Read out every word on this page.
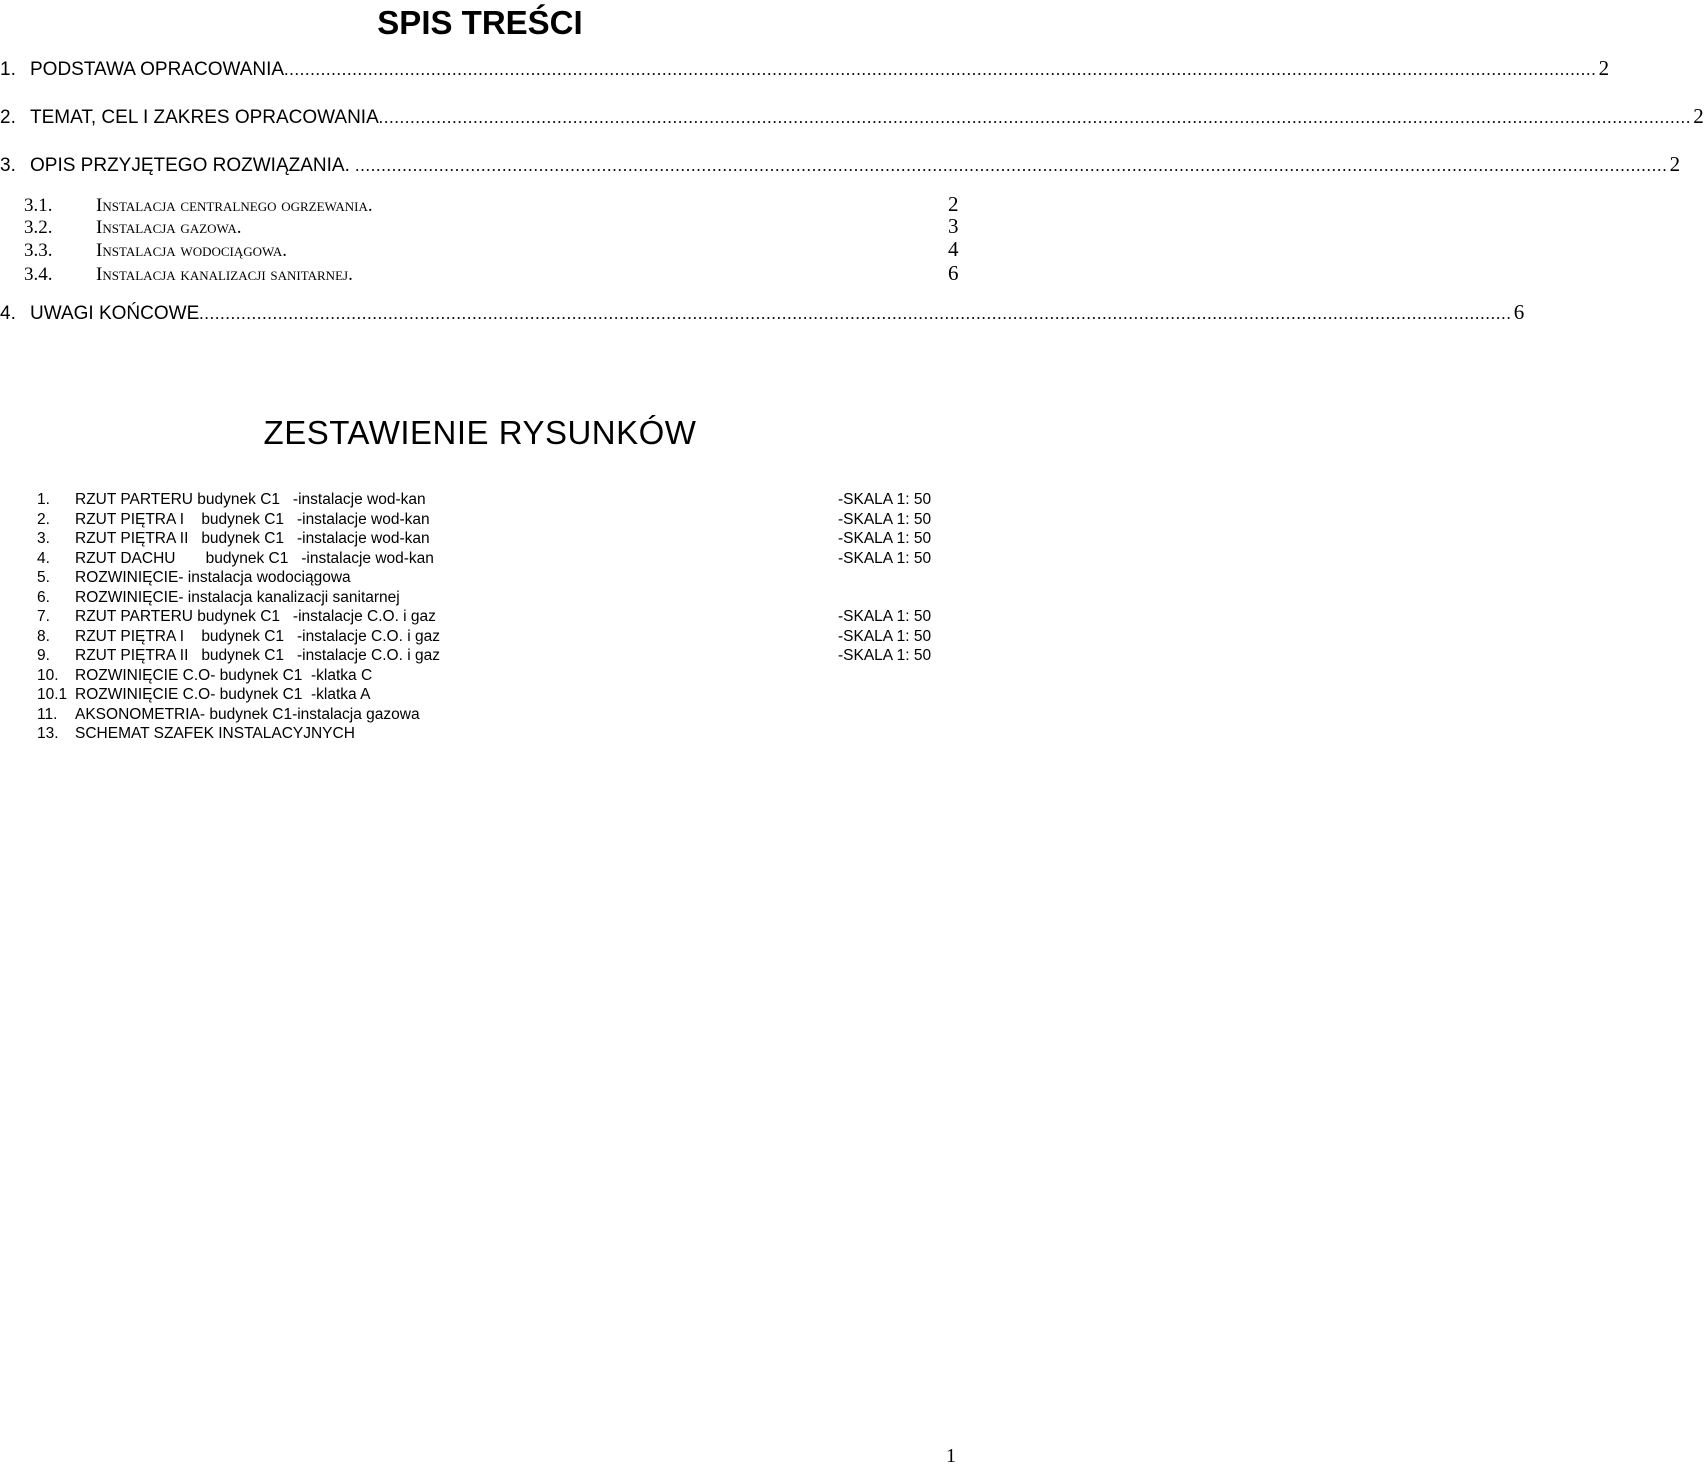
SPIS TREŚCI
1. PODSTAWA OPRACOWANIA .......................................................................................................................................................................................................................................................... 2
2. TEMAT, CEL I ZAKRES OPRACOWANIA .......................................................................................................................................................................................................................................................... 2
3. OPIS PRZYJĘTEGO ROZWIĄZANIA. .......................................................................................................................................................................................................................................................... 2
3.1.	Instalacja centralnego ogrzewania.	2
3.2.	Instalacja gazowa.	3
3.3.	Instalacja wodociągowa.	4
3.4.	Instalacja kanalizacji sanitarnej.	6
4. UWAGI KOŃCOWE .......................................................................................................................................................................................................................................................... 6
ZESTAWIENIE RYSUNKÓW
1. RZUT PARTERU budynek C1   -instalacje wod-kan	-SKALA 1: 50
2. RZUT PIĘTRA I    budynek C1   -instalacje wod-kan	-SKALA 1: 50
3. RZUT PIĘTRA II   budynek C1   -instalacje wod-kan	-SKALA 1: 50
4. RZUT DACHU       budynek C1   -instalacje wod-kan	-SKALA 1: 50
5. ROZWINIĘCIE- instalacja wodociągowa
6. ROZWINIĘCIE- instalacja kanalizacji sanitarnej
7. RZUT PARTERU budynek C1   -instalacje C.O. i gaz	-SKALA 1: 50
8. RZUT PIĘTRA I    budynek C1   -instalacje C.O. i gaz	-SKALA 1: 50
9. RZUT PIĘTRA II   budynek C1   -instalacje C.O. i gaz	-SKALA 1: 50
10. ROZWINIĘCIE C.O- budynek C1  -klatka C
10.1 ROZWINIĘCIE C.O- budynek C1  -klatka A
11. AKSONOMETRIA- budynek C1-instalacja gazowa
13. SCHEMAT SZAFEK INSTALACYJNYCH
1
